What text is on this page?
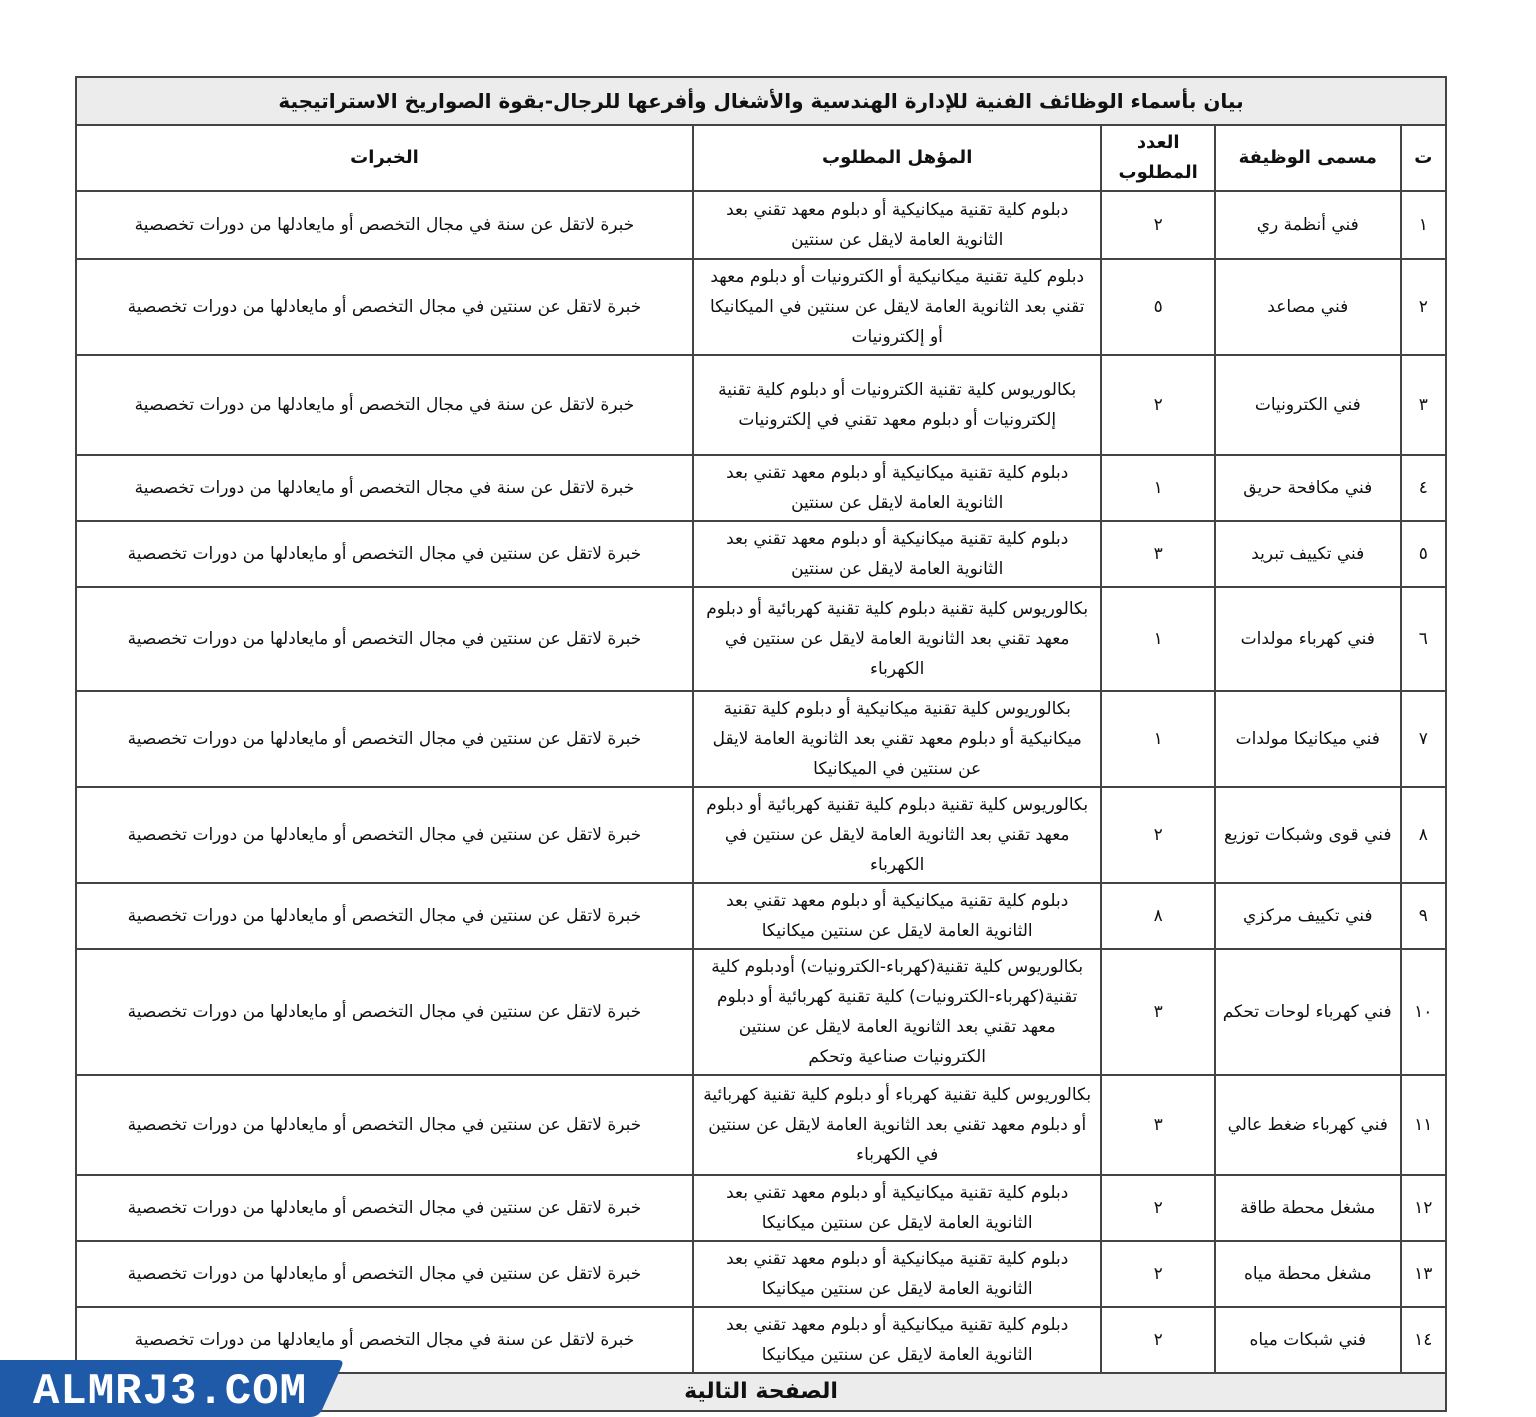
بيان بأسماء الوظائف الفنية للإدارة الهندسية والأشغال وأفرعها للرجال-بقوة الصواريخ الاستراتيجية				
ت	مسمى الوظيفة	العدد المطلوب	المؤهل المطلوب	الخبرات
١	فني أنظمة ري	٢	دبلوم كلية تقنية ميكانيكية أو دبلوم معهد تقني بعد الثانوية العامة لايقل عن سنتين	خبرة لاتقل عن سنة في مجال التخصص أو مايعادلها من دورات تخصصية
٢	فني مصاعد	٥	دبلوم كلية تقنية ميكانيكية أو الكترونيات أو دبلوم معهد تقني بعد الثانوية العامة لايقل عن سنتين في الميكانيكا أو إلكترونيات	خبرة لاتقل عن سنتين في مجال التخصص أو مايعادلها من دورات تخصصية
٣	فني الكترونيات	٢	بكالوريوس كلية تقنية الكترونيات أو دبلوم كلية تقنية إلكترونيات أو دبلوم معهد تقني في إلكترونيات	خبرة لاتقل عن سنة في مجال التخصص أو مايعادلها من دورات تخصصية
٤	فني مكافحة حريق	١	دبلوم كلية تقنية ميكانيكية أو دبلوم معهد تقني بعد الثانوية العامة لايقل عن سنتين	خبرة لاتقل عن سنة في مجال التخصص أو مايعادلها من دورات تخصصية
٥	فني تكييف تبريد	٣	دبلوم كلية تقنية ميكانيكية أو دبلوم معهد تقني بعد الثانوية العامة لايقل عن سنتين	خبرة لاتقل عن سنتين في مجال التخصص أو مايعادلها من دورات تخصصية
٦	فني كهرباء مولدات	١	بكالوريوس كلية تقنية دبلوم كلية تقنية كهربائية أو دبلوم معهد تقني بعد الثانوية العامة لايقل عن سنتين في الكهرباء	خبرة لاتقل عن سنتين في مجال التخصص أو مايعادلها من دورات تخصصية
٧	فني ميكانيكا مولدات	١	بكالوريوس كلية تقنية ميكانيكية أو دبلوم كلية تقنية ميكانيكية أو دبلوم معهد تقني بعد الثانوية العامة لايقل عن سنتين في الميكانيكا	خبرة لاتقل عن سنتين في مجال التخصص أو مايعادلها من دورات تخصصية
٨	فني قوى وشبكات توزيع	٢	بكالوريوس كلية تقنية دبلوم كلية تقنية كهربائية أو دبلوم معهد تقني بعد الثانوية العامة لايقل عن سنتين في الكهرباء	خبرة لاتقل عن سنتين في مجال التخصص أو مايعادلها من دورات تخصصية
٩	فني تكييف مركزي	٨	دبلوم كلية تقنية ميكانيكية أو دبلوم معهد تقني بعد الثانوية العامة لايقل عن سنتين ميكانيكا	خبرة لاتقل عن سنتين في مجال التخصص أو مايعادلها من دورات تخصصية
١٠	فني كهرباء لوحات تحكم	٣	بكالوريوس كلية تقنية(كهرباء-الكترونيات) أودبلوم كلية تقنية(كهرباء-الكترونيات) كلية تقنية كهربائية أو دبلوم معهد تقني بعد الثانوية العامة لايقل عن سنتين الكترونيات صناعية وتحكم	خبرة لاتقل عن سنتين في مجال التخصص أو مايعادلها من دورات تخصصية
١١	فني كهرباء ضغط عالي	٣	بكالوريوس كلية تقنية كهرباء أو دبلوم كلية تقنية كهربائية أو دبلوم معهد تقني بعد الثانوية العامة لايقل عن سنتين في الكهرباء	خبرة لاتقل عن سنتين في مجال التخصص أو مايعادلها من دورات تخصصية
١٢	مشغل محطة طاقة	٢	دبلوم كلية تقنية ميكانيكية أو دبلوم معهد تقني بعد الثانوية العامة لايقل عن سنتين ميكانيكا	خبرة لاتقل عن سنتين في مجال التخصص أو مايعادلها من دورات تخصصية
١٣	مشغل محطة مياه	٢	دبلوم كلية تقنية ميكانيكية أو دبلوم معهد تقني بعد الثانوية العامة لايقل عن سنتين ميكانيكا	خبرة لاتقل عن سنتين في مجال التخصص أو مايعادلها من دورات تخصصية
١٤	فني شبكات مياه	٢	دبلوم كلية تقنية ميكانيكية أو دبلوم معهد تقني بعد الثانوية العامة لايقل عن سنتين ميكانيكا	خبرة لاتقل عن سنة في مجال التخصص أو مايعادلها من دورات تخصصية
الصفحة التالية				
ALMRJ3.COM
